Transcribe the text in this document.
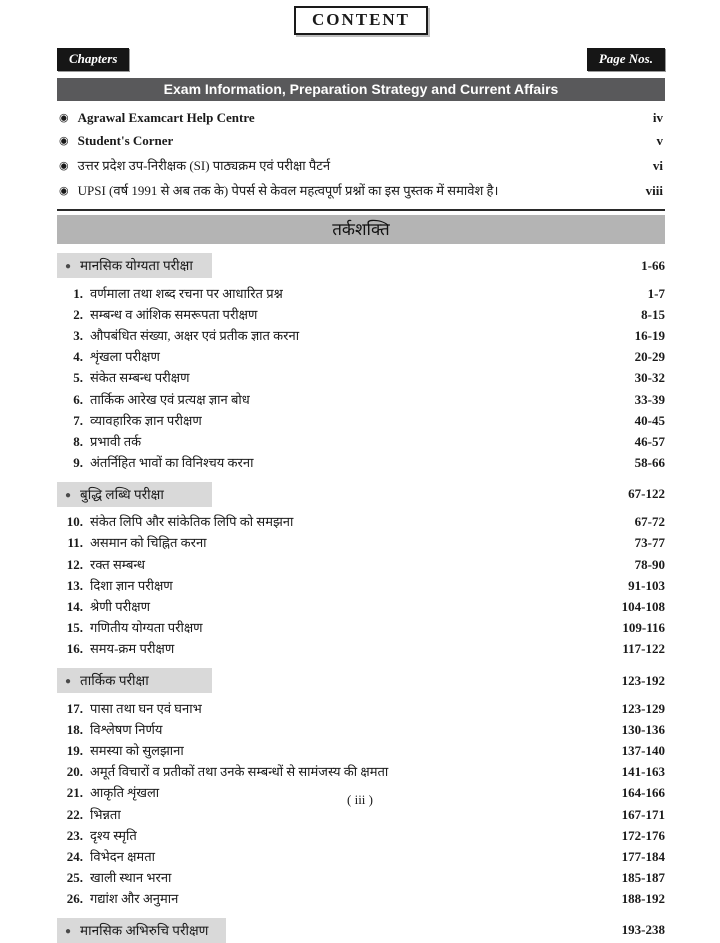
CONTENT
Chapters	Page Nos.
Exam Information, Preparation Strategy and Current Affairs
◉ Agrawal Examcart Help Centre	iv
◉ Student's Corner	v
◉ उत्तर प्रदेश उप-निरीक्षक (SI) पाठ्यक्रम एवं परीक्षा पैटर्न	vi
◉ UPSI (वर्ष 1991 से अब तक के) पेपर्स से केवल महत्वपूर्ण प्रश्नों का इस पुस्तक में समावेश है।	viii
तर्कशक्ति
● मानसिक योग्यता परीक्षा	1-66
1. वर्णमाला तथा शब्द रचना पर आधारित प्रश्न	1-7
2. सम्बन्ध व आंशिक समरूपता परीक्षण	8-15
3. औपबंधित संख्या, अक्षर एवं प्रतीक ज्ञात करना	16-19
4. शृंखला परीक्षण	20-29
5. संकेत सम्बन्ध परीक्षण	30-32
6. तार्किक आरेख एवं प्रत्यक्ष ज्ञान बोध	33-39
7. व्यावहारिक ज्ञान परीक्षण	40-45
8. प्रभावी तर्क	46-57
9. अंतर्निहित भावों का विनिश्चय करना	58-66
● बुद्धि लब्धि परीक्षा	67-122
10. संकेत लिपि और सांकेतिक लिपि को समझना	67-72
11. असमान को चिह्नित करना	73-77
12. रक्त सम्बन्ध	78-90
13. दिशा ज्ञान परीक्षण	91-103
14. श्रेणी परीक्षण	104-108
15. गणितीय योग्यता परीक्षण	109-116
16. समय-क्रम परीक्षण	117-122
● तार्किक परीक्षा	123-192
17. पासा तथा घन एवं घनाभ	123-129
18. विश्लेषण निर्णय	130-136
19. समस्या को सुलझाना	137-140
20. अमूर्त विचारों व प्रतीकों तथा उनके सम्बन्धों से सामंजस्य की क्षमता	141-163
21. आकृति शृंखला	164-166
22. भिन्नता	167-171
23. दृश्य स्मृति	172-176
24. विभेदन क्षमता	177-184
25. खाली स्थान भरना	185-187
26. गद्यांश और अनुमान	188-192
● मानसिक अभिरुचि परीक्षण	193-238
( iii )
